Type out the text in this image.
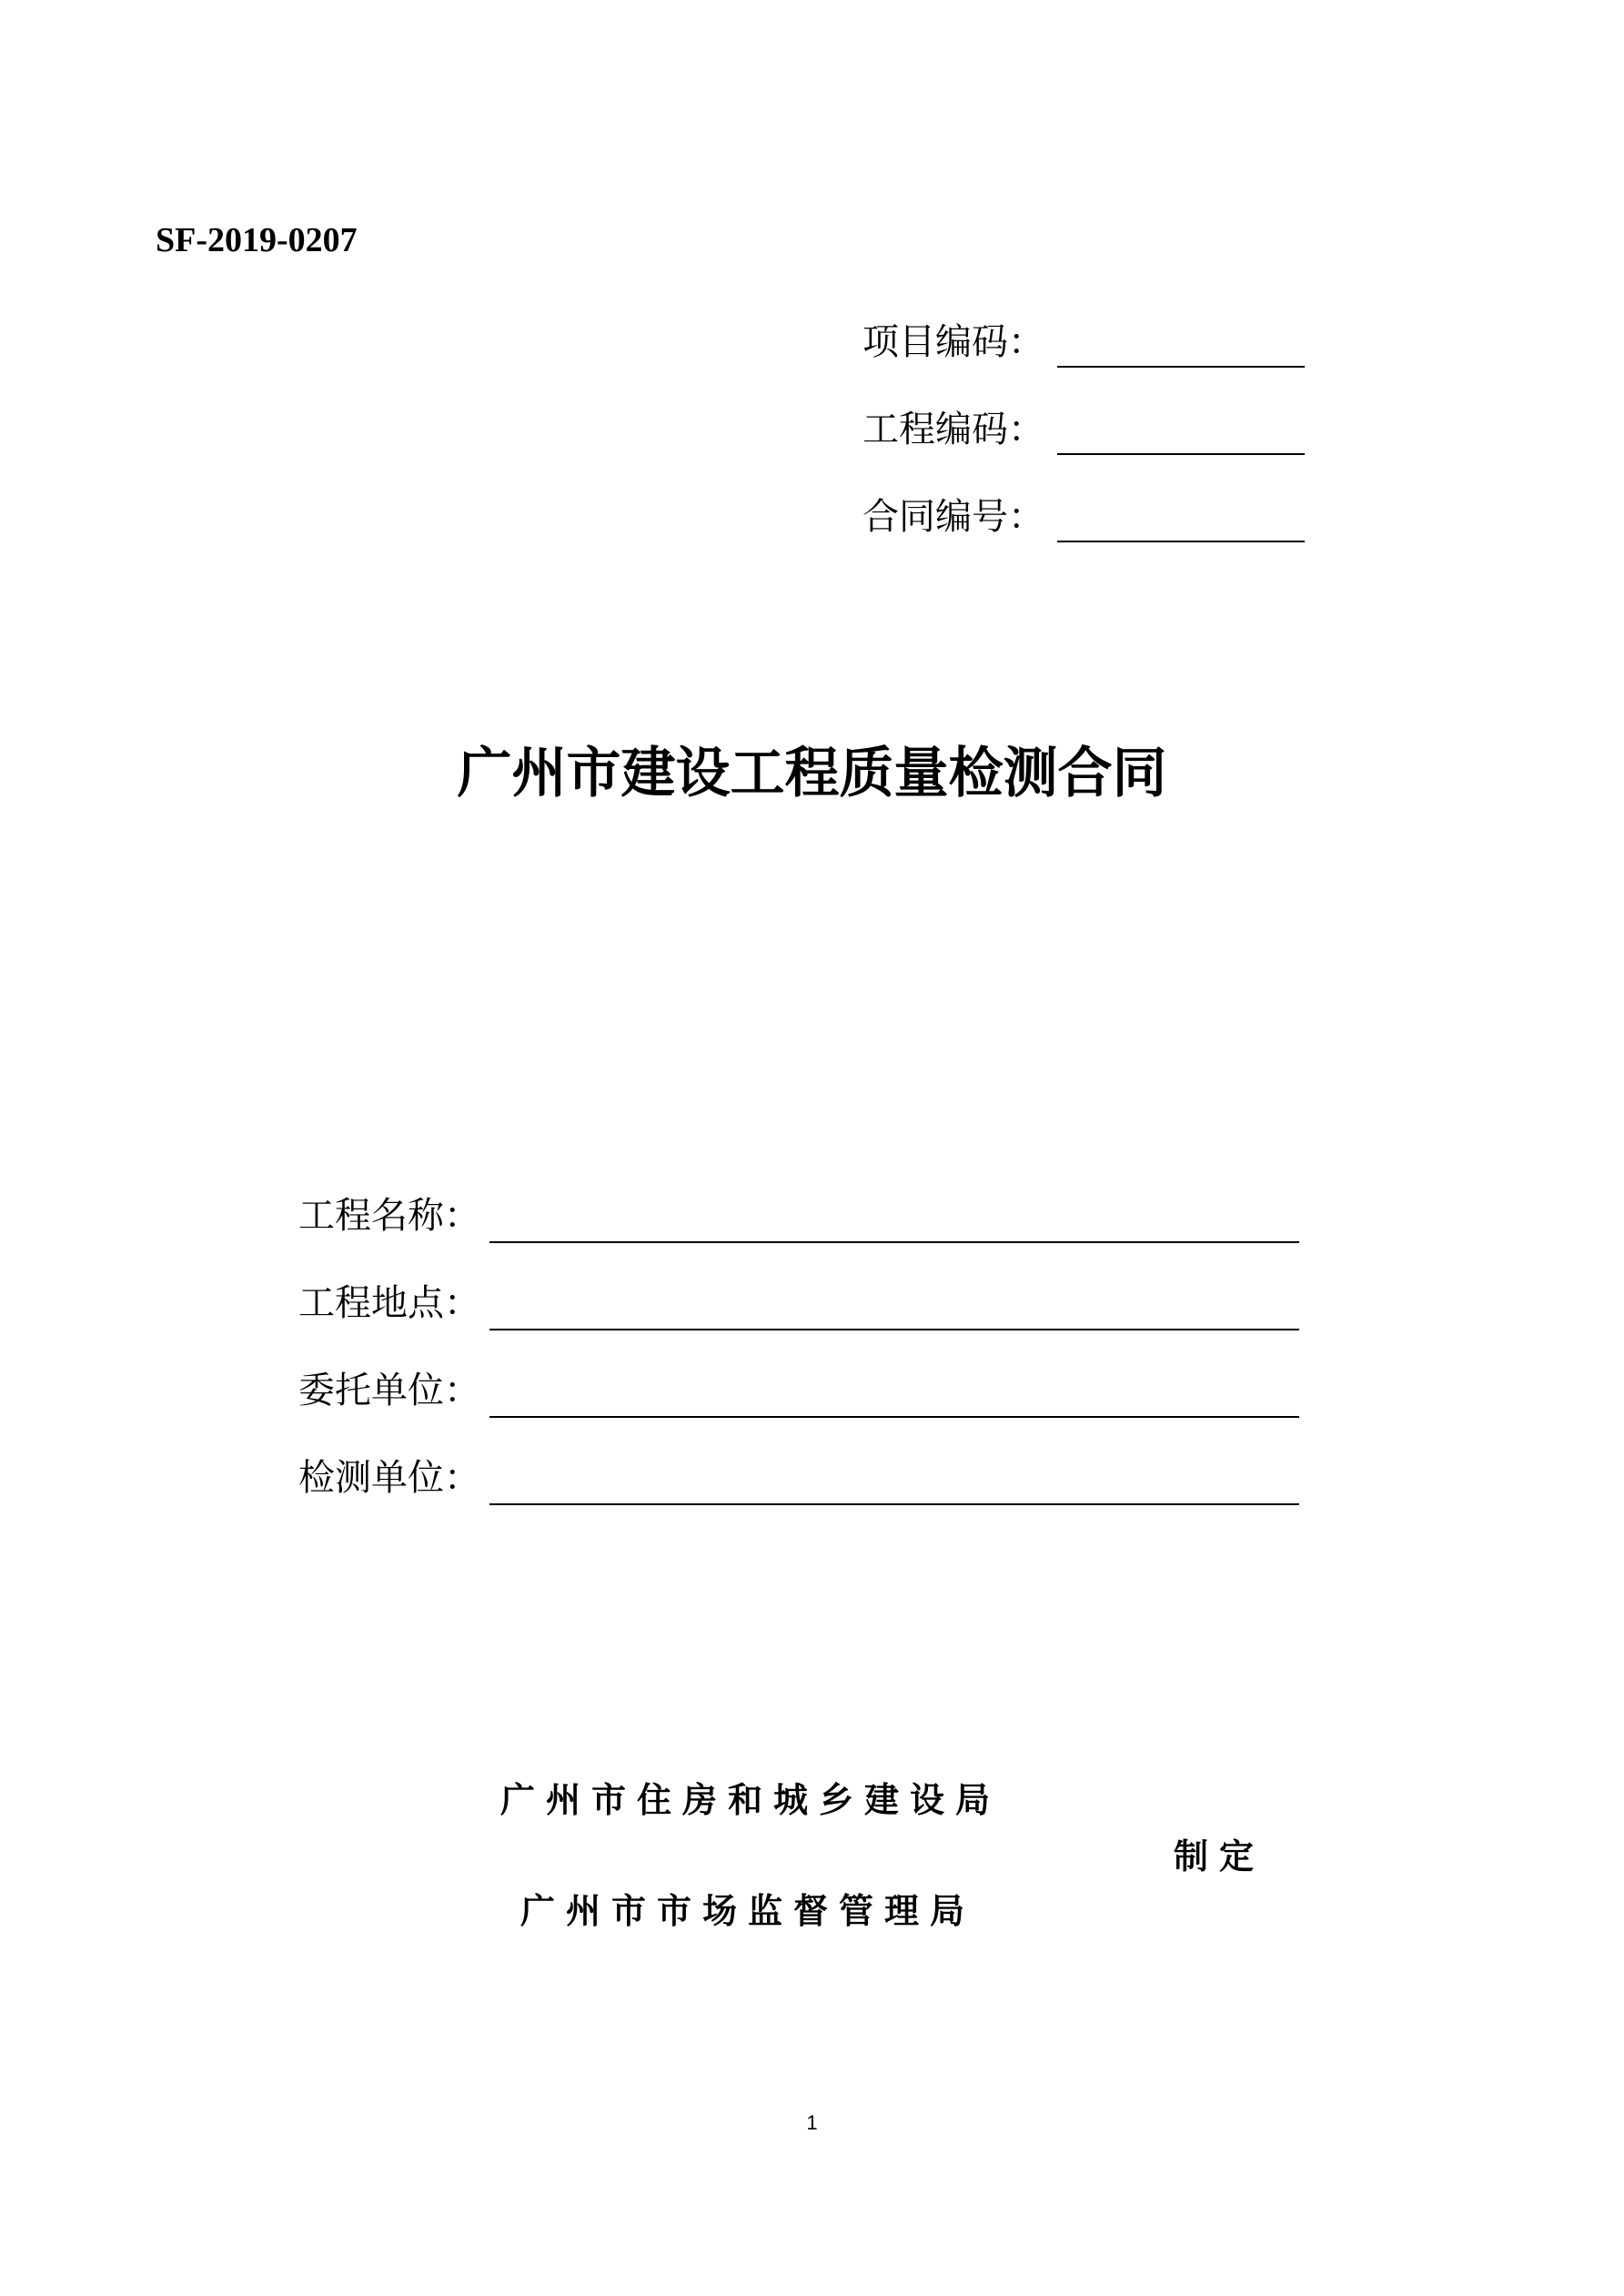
SF-2019-0207
项目编码：
工程编码：
合同编号：
广州市建设工程质量检测合同
工程名称：
工程地点：
委托单位：
检测单位：
广州市住房和城乡建设局
制定
广州市市场监督管理局
1
